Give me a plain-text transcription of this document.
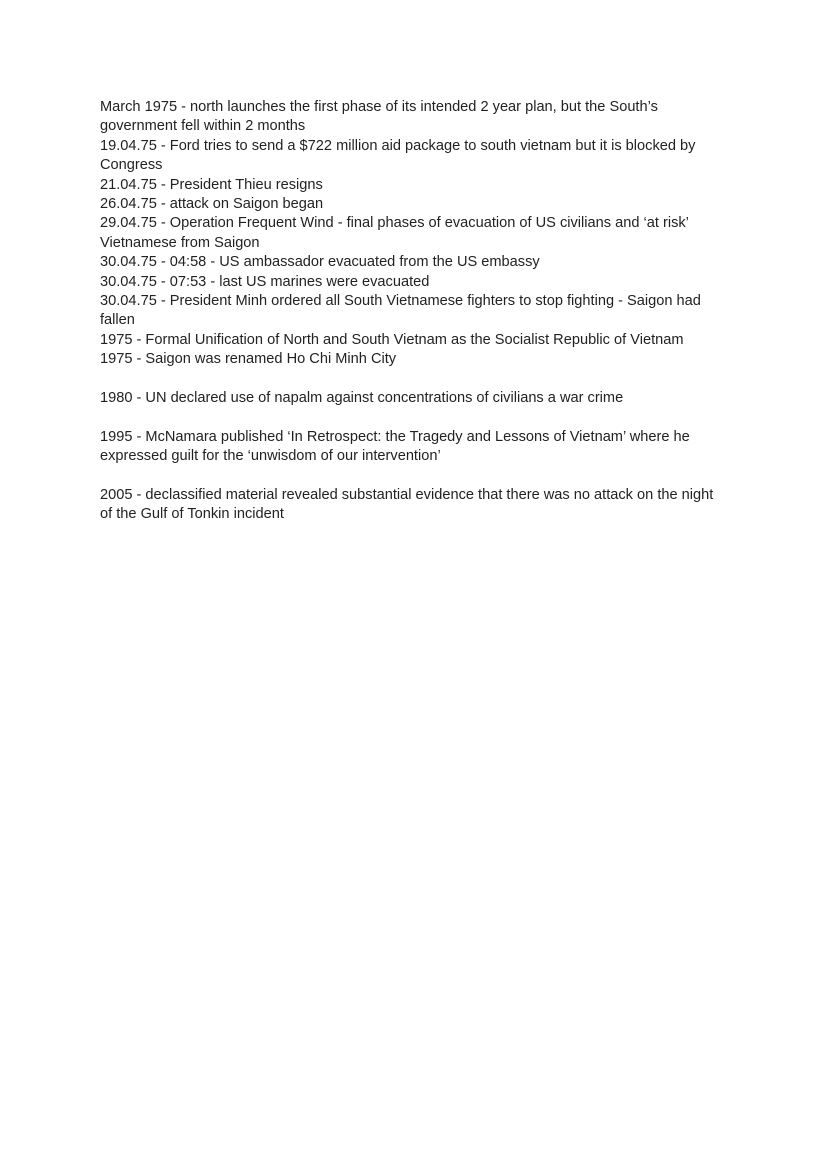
March 1975 - north launches the first phase of its intended 2 year plan, but the South’s government fell within 2 months

19.04.75 - Ford tries to send a $722 million aid package to south vietnam but it is blocked by Congress

21.04.75 - President Thieu resigns

26.04.75 - attack on Saigon began

29.04.75 - Operation Frequent Wind - final phases of evacuation of US civilians and ‘at risk’ Vietnamese from Saigon

30.04.75 - 04:58 - US ambassador evacuated from the US embassy

30.04.75 - 07:53 - last US marines were evacuated

30.04.75 - President Minh ordered all South Vietnamese fighters to stop fighting - Saigon had fallen

1975 - Formal Unification of North and South Vietnam as the Socialist Republic of Vietnam

1975 - Saigon was renamed Ho Chi Minh City

1980 - UN declared use of napalm against concentrations of civilians a war crime

1995 - McNamara published ‘In Retrospect: the Tragedy and Lessons of Vietnam’ where he expressed guilt for the ‘unwisdom of our intervention’

2005 - declassified material revealed substantial evidence that there was no attack on the night of the Gulf of Tonkin incident
